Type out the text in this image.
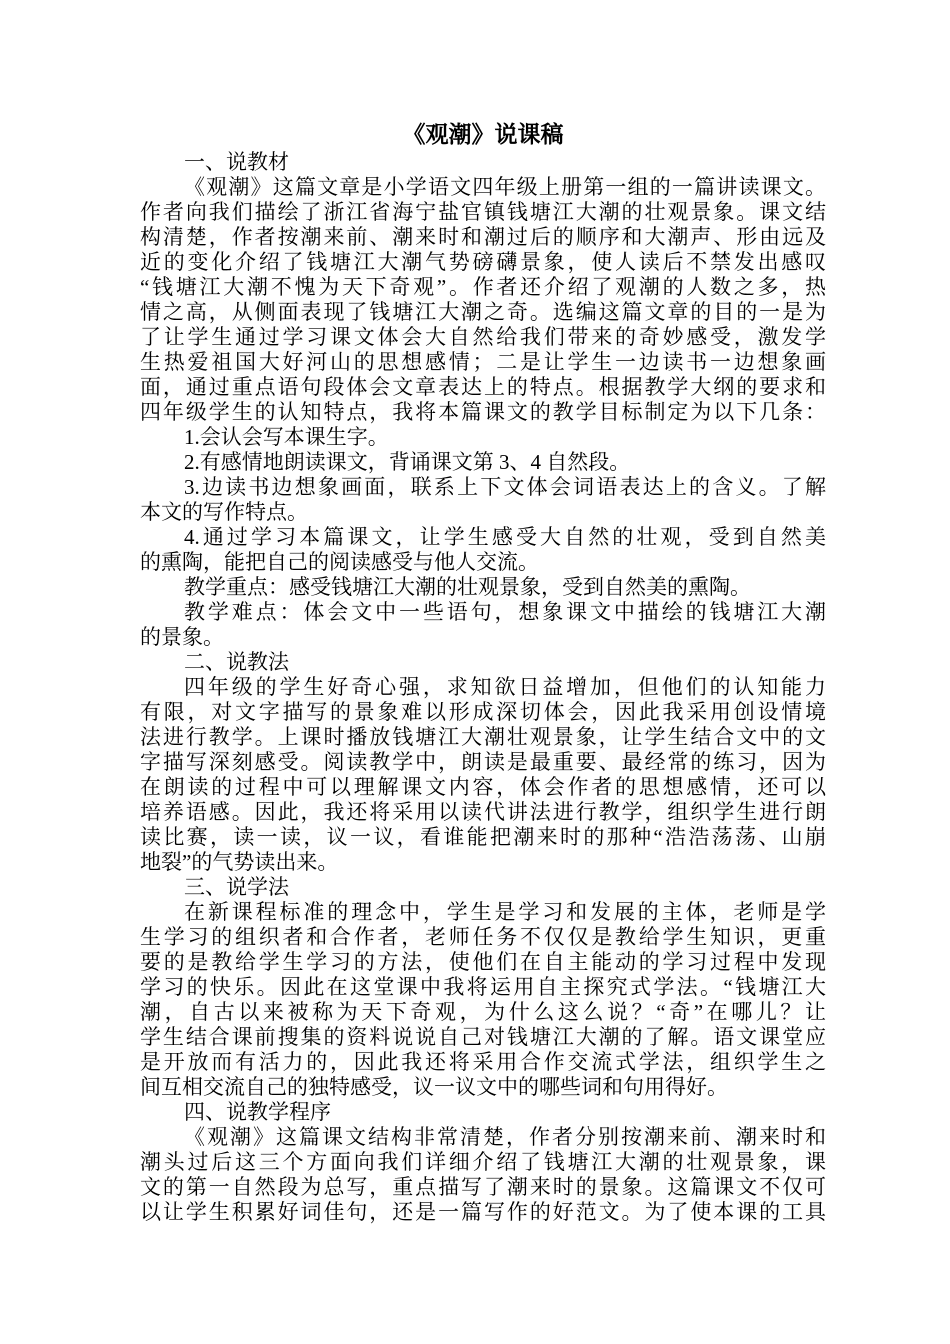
《观潮》说课稿
一、说教材
《观潮》这篇文章是小学语文四年级上册第一组的一篇讲读课文。
作者向我们描绘了浙江省海宁盐官镇钱塘江大潮的壮观景象。课文结
构清楚，作者按潮来前、潮来时和潮过后的顺序和大潮声、形由远及
近的变化介绍了钱塘江大潮气势磅礴景象，使人读后不禁发出感叹
“钱塘江大潮不愧为天下奇观”。作者还介绍了观潮的人数之多，热
情之高，从侧面表现了钱塘江大潮之奇。选编这篇文章的目的一是为
了让学生通过学习课文体会大自然给我们带来的奇妙感受，激发学
生热爱祖国大好河山的思想感情；二是让学生一边读书一边想象画
面，通过重点语句段体会文章表达上的特点。根据教学大纲的要求和
四年级学生的认知特点，我将本篇课文的教学目标制定为以下几条：
1.会认会写本课生字。
2.有感情地朗读课文，背诵课文第 3、4 自然段。
3.边读书边想象画面，联系上下文体会词语表达上的含义。了解
本文的写作特点。
4.通过学习本篇课文，让学生感受大自然的壮观，受到自然美
的熏陶，能把自己的阅读感受与他人交流。
教学重点：感受钱塘江大潮的壮观景象，受到自然美的熏陶。
教学难点：体会文中一些语句，想象课文中描绘的钱塘江大潮
的景象。
二、说教法
四年级的学生好奇心强，求知欲日益增加，但他们的认知能力
有限，对文字描写的景象难以形成深切体会，因此我采用创设情境
法进行教学。上课时播放钱塘江大潮壮观景象，让学生结合文中的文
字描写深刻感受。阅读教学中，朗读是最重要、最经常的练习，因为
在朗读的过程中可以理解课文内容，体会作者的思想感情，还可以
培养语感。因此，我还将采用以读代讲法进行教学，组织学生进行朗
读比赛，读一读，议一议，看谁能把潮来时的那种“浩浩荡荡、山崩
地裂”的气势读出来。
三、说学法
在新课程标准的理念中，学生是学习和发展的主体，老师是学
生学习的组织者和合作者，老师任务不仅仅是教给学生知识，更重
要的是教给学生学习的方法，使他们在自主能动的学习过程中发现
学习的快乐。因此在这堂课中我将运用自主探究式学法。“钱塘江大
潮，自古以来被称为天下奇观，为什么这么说？“奇”在哪儿？让
学生结合课前搜集的资料说说自己对钱塘江大潮的了解。语文课堂应
是开放而有活力的，因此我还将采用合作交流式学法，组织学生之
间互相交流自己的独特感受，议一议文中的哪些词和句用得好。
四、说教学程序
《观潮》这篇课文结构非常清楚，作者分别按潮来前、潮来时和
潮头过后这三个方面向我们详细介绍了钱塘江大潮的壮观景象，课
文的第一自然段为总写，重点描写了潮来时的景象。这篇课文不仅可
以让学生积累好词佳句，还是一篇写作的好范文。为了使本课的工具
